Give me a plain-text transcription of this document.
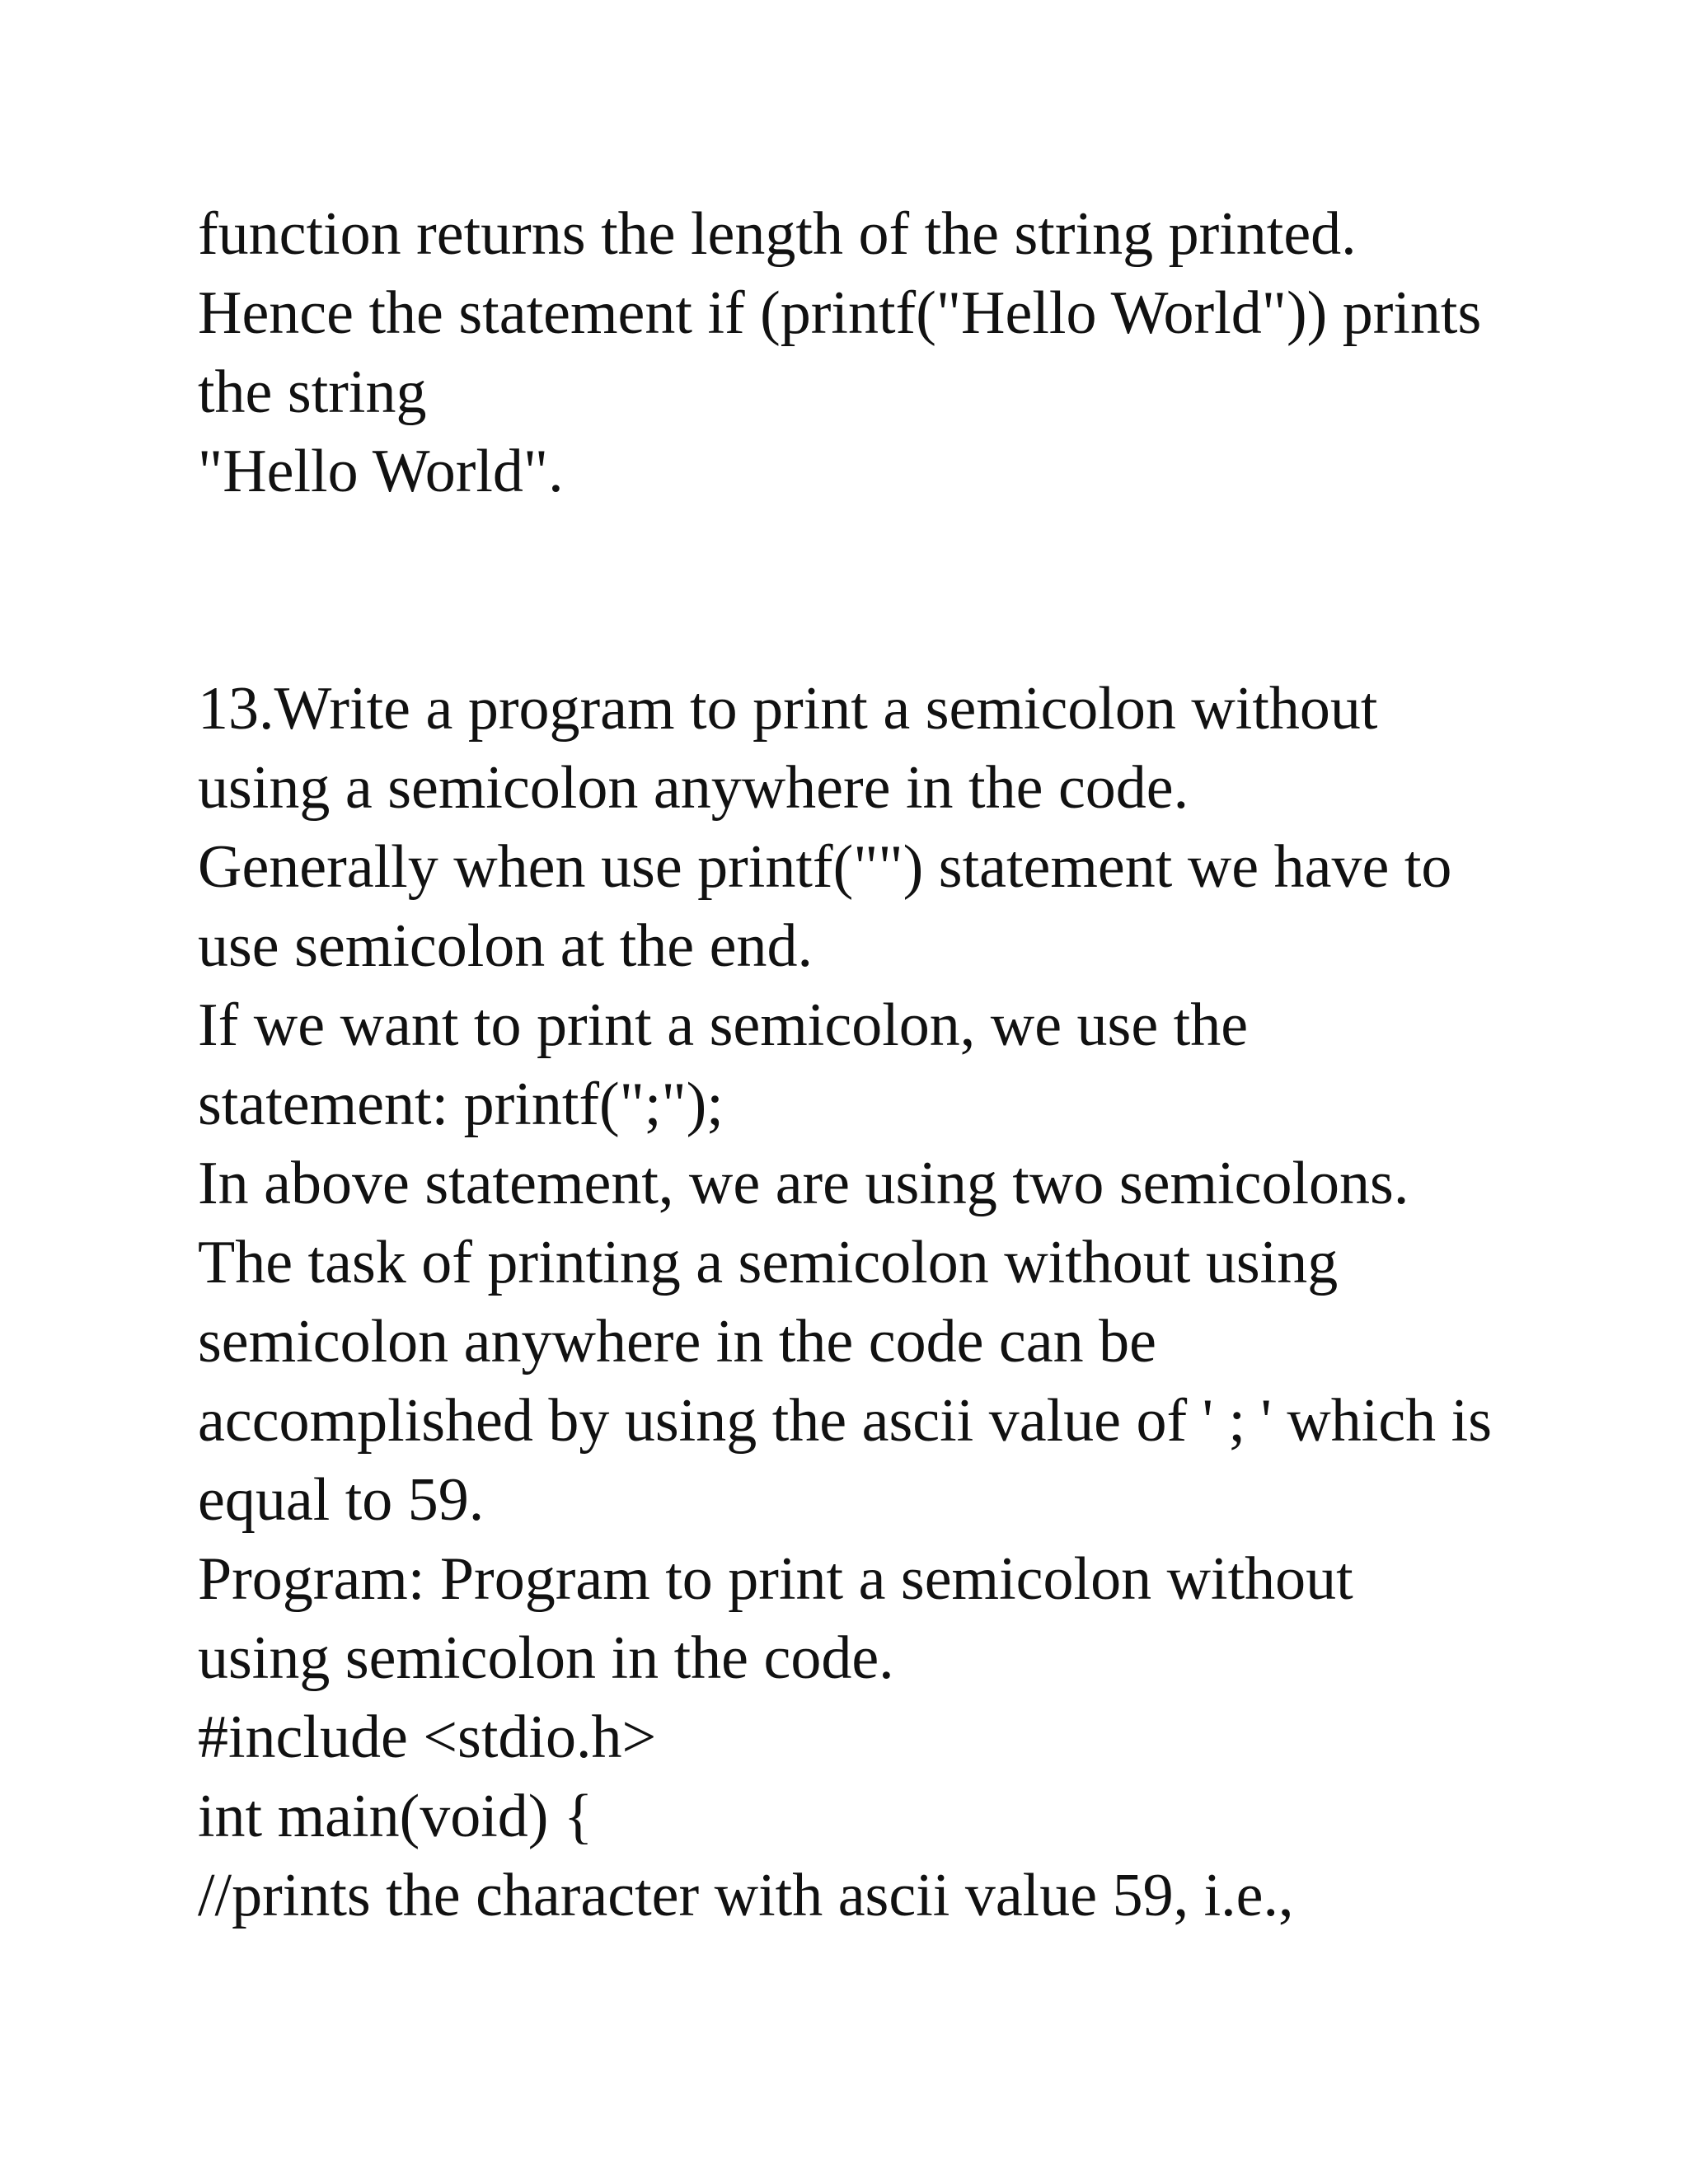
function returns the length of the string printed.
Hence the statement if (printf("Hello World")) prints
the string
"Hello World".
13.Write a program to print a semicolon without
using a semicolon anywhere in the code.
Generally when use printf("") statement we have to
use semicolon at the end.
If we want to print a semicolon, we use the
statement: printf(";");
In above statement, we are using two semicolons.
The task of printing a semicolon without using
semicolon anywhere in the code can be
accomplished by using the ascii value of ' ; ' which is
equal to 59.
Program: Program to print a semicolon without
using semicolon in the code.
#include <stdio.h>
int main(void) {
//prints the character with ascii value 59, i.e.,
